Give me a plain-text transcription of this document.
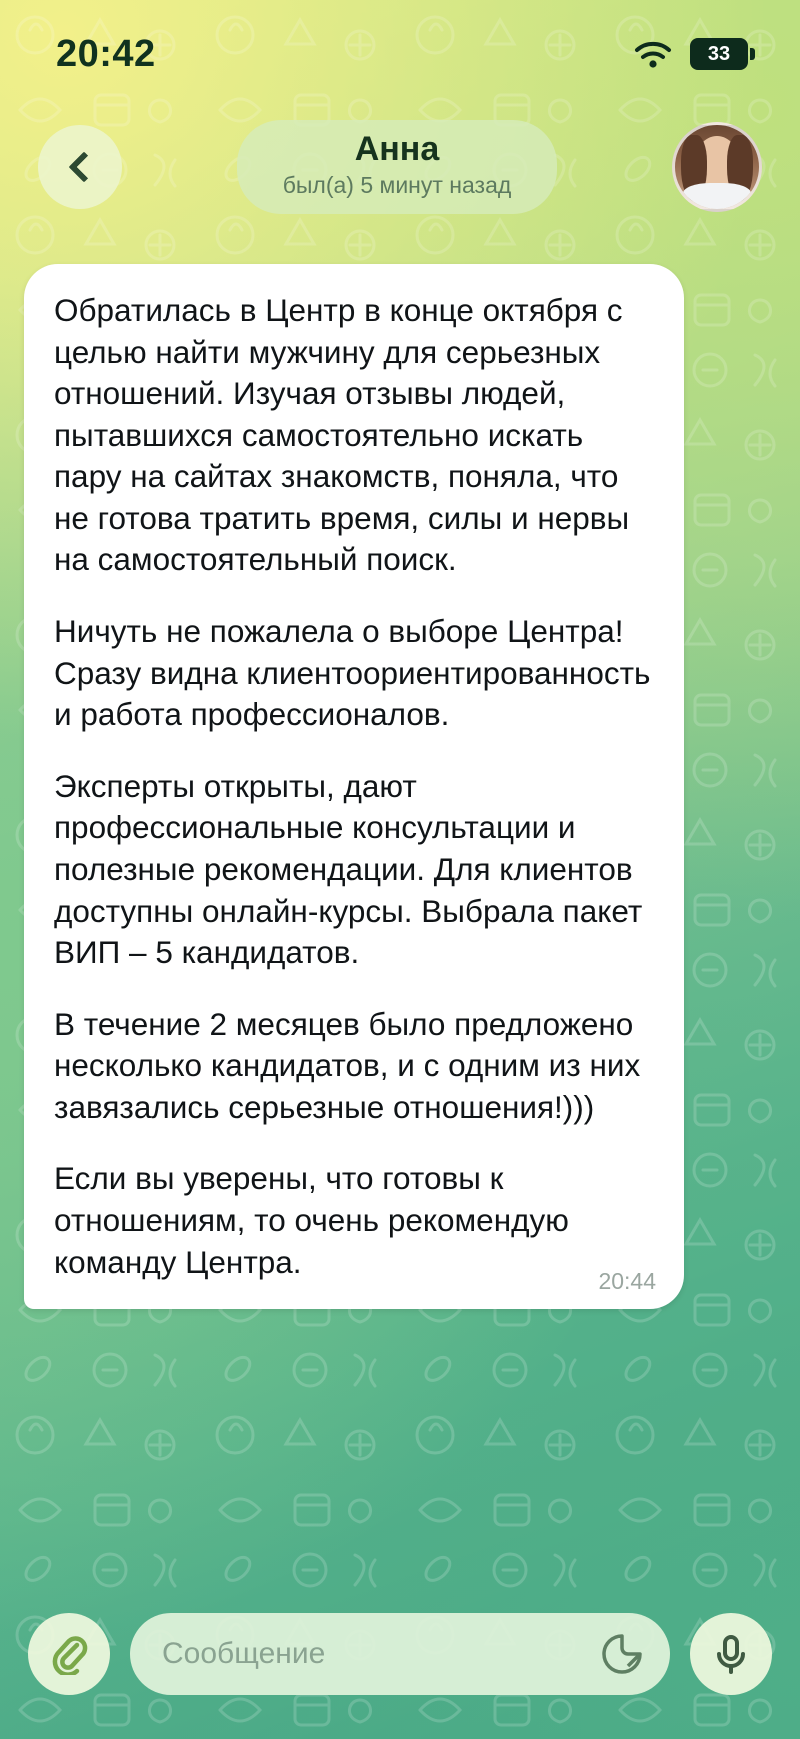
20:42	33
Анна
был(а) 5 минут назад

Обратилась в Центр в конце октября с целью найти мужчину для серьезных отношений. Изучая отзывы людей, пытавшихся самостоятельно искать пару на сайтах знакомств, поняла, что не готова тратить время, силы и нервы на самостоятельный поиск.

Ничуть не пожалела о выборе Центра! Сразу видна клиентоориентированность и работа профессионалов.

Эксперты открыты, дают профессиональные консультации и полезные рекомендации. Для клиентов доступны онлайн-курсы. Выбрала пакет ВИП – 5 кандидатов.

В течение 2 месяцев было предложено несколько кандидатов, и с одним из них завязались серьезные отношения!)))

Если вы уверены, что готовы к отношениям, то очень рекомендую команду Центра.

20:44
Сообщение
